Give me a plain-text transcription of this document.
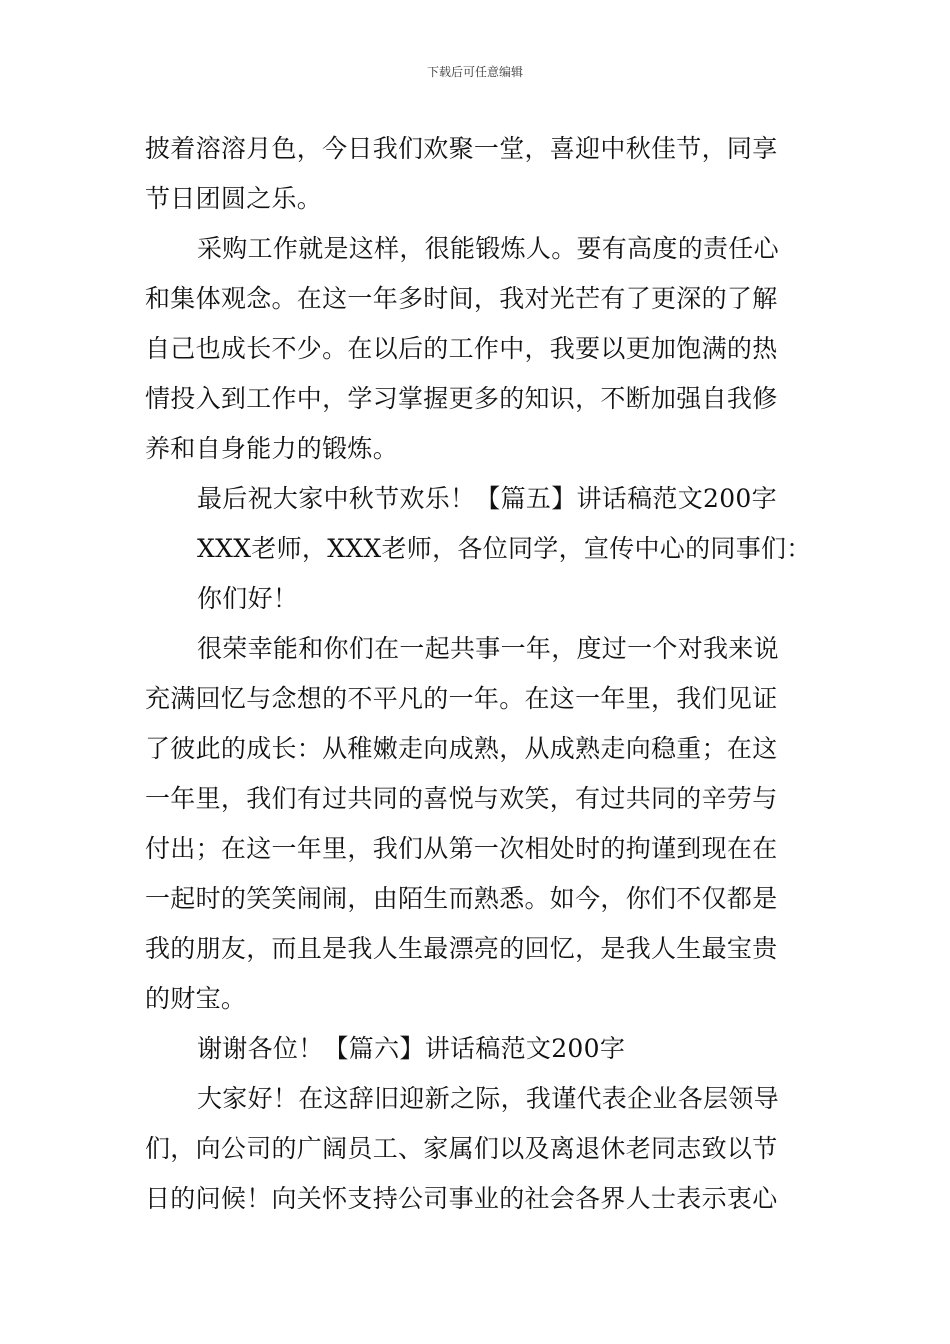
下载后可任意编辑
披着溶溶月色，今日我们欢聚一堂，喜迎中秋佳节，同享
节日团圆之乐。
采购工作就是这样，很能锻炼人。要有高度的责任心
和集体观念。在这一年多时间，我对光芒有了更深的了解
自己也成长不少。在以后的工作中，我要以更加饱满的热
情投入到工作中，学习掌握更多的知识，不断加强自我修
养和自身能力的锻炼。
最后祝大家中秋节欢乐！【篇五】讲话稿范文200字
XXX老师，XXX老师，各位同学，宣传中心的同事们：
你们好！
很荣幸能和你们在一起共事一年，度过一个对我来说
充满回忆与念想的不平凡的一年。在这一年里，我们见证
了彼此的成长：从稚嫩走向成熟，从成熟走向稳重；在这
一年里，我们有过共同的喜悦与欢笑，有过共同的辛劳与
付出；在这一年里，我们从第一次相处时的拘谨到现在在
一起时的笑笑闹闹，由陌生而熟悉。如今，你们不仅都是
我的朋友，而且是我人生最漂亮的回忆，是我人生最宝贵
的财宝。
谢谢各位！【篇六】讲话稿范文200字
大家好！在这辞旧迎新之际，我谨代表企业各层领导
们，向公司的广阔员工、家属们以及离退休老同志致以节
日的问候！向关怀支持公司事业的社会各界人士表示衷心
